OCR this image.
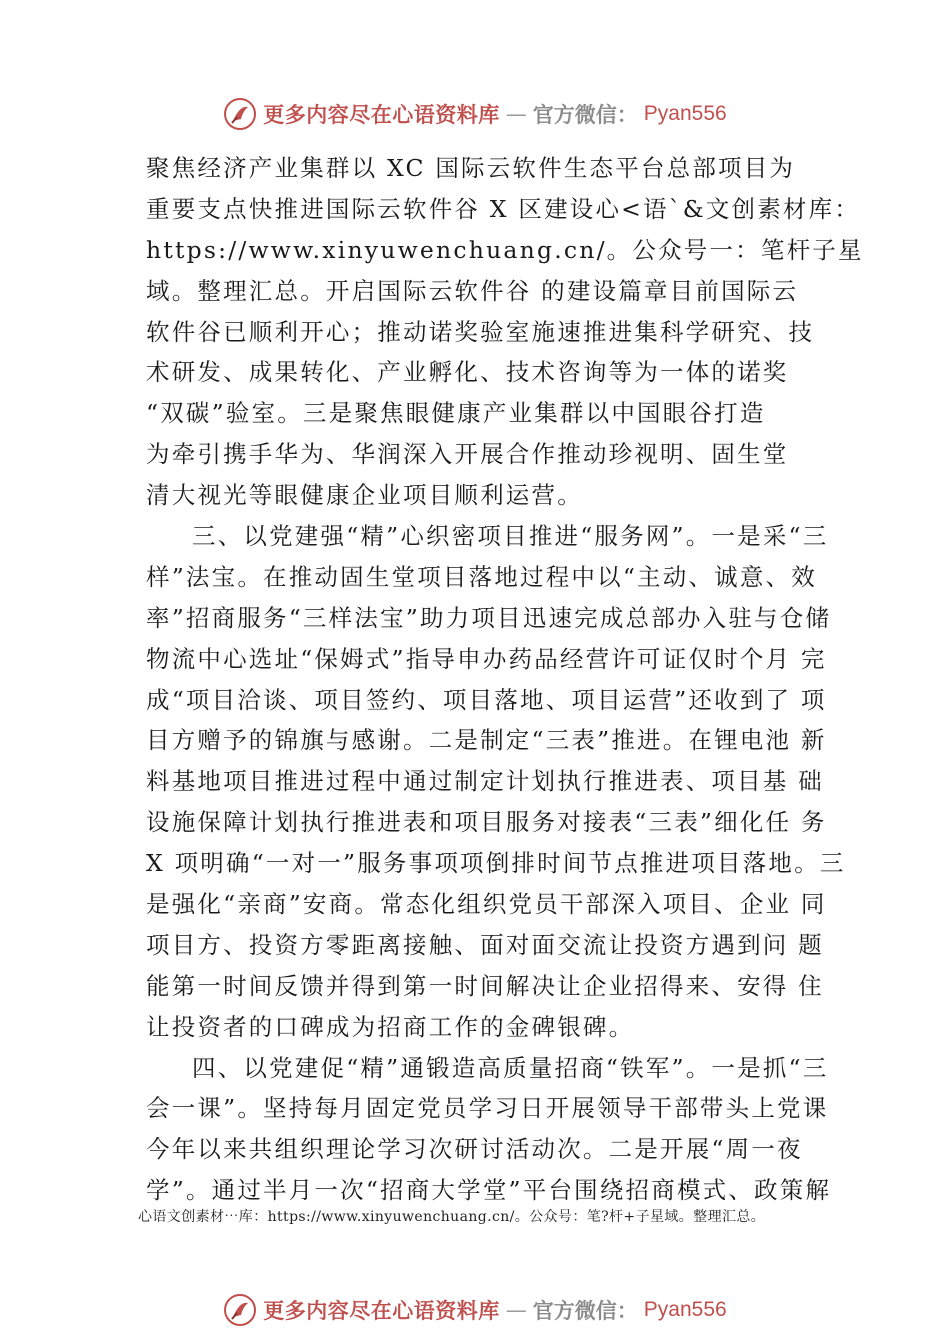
更多内容尽在心语资料库 — 官方微信： Pyan556
聚焦经济产业集群以 XC 国际云软件生态平台总部项目为
重要支点快推进国际云软件谷 X 区建设心<语`&文创素材库：
https://www.xinyuwenchuang.cn/。公众号一：笔杆子星
域。整理汇总。开启国际云软件谷 的建设篇章目前国际云
软件谷已顺利开心；推动诺奖验室施速推进集科学研究、技
术研发、成果转化、产业孵化、技术咨询等为一体的诺奖
“双碳”验室。三是聚焦眼健康产业集群以中国眼谷打造
为牵引携手华为、华润深入开展合作推动珍视明、固生堂
清大视光等眼健康企业项目顺利运营。
三、以党建强“精”心织密项目推进“服务网”。一是采“三
样”法宝。在推动固生堂项目落地过程中以“主动、诚意、效
率”招商服务“三样法宝”助力项目迅速完成总部办入驻与仓储
物流中心选址“保姆式”指导申办药品经营许可证仅时个月 完
成“项目洽谈、项目签约、项目落地、项目运营”还收到了 项
目方赠予的锦旗与感谢。二是制定“三表”推进。在锂电池 新
料基地项目推进过程中通过制定计划执行推进表、项目基 础
设施保障计划执行推进表和项目服务对接表“三表”细化任 务
X 项明确“一对一”服务事项项倒排时间节点推进项目落地。三
是强化“亲商”安商。常态化组织党员干部深入项目、企业 同
项目方、投资方零距离接触、面对面交流让投资方遇到问 题
能第一时间反馈并得到第一时间解决让企业招得来、安得 住
让投资者的口碑成为招商工作的金碑银碑。
四、以党建促“精”通锻造高质量招商“铁军”。一是抓“三
会一课”。坚持每月固定党员学习日开展领导干部带头上党课
今年以来共组织理论学习次研讨活动次。二是开展“周一夜
学”。通过半月一次“招商大学堂”平台围绕招商模式、政策解
心语文创素材⋯库：https://www.xinyuwenchuang.cn/。公众号：笔?杆+子星域。整理汇总。
更多内容尽在心语资料库 — 官方微信： Pyan556
